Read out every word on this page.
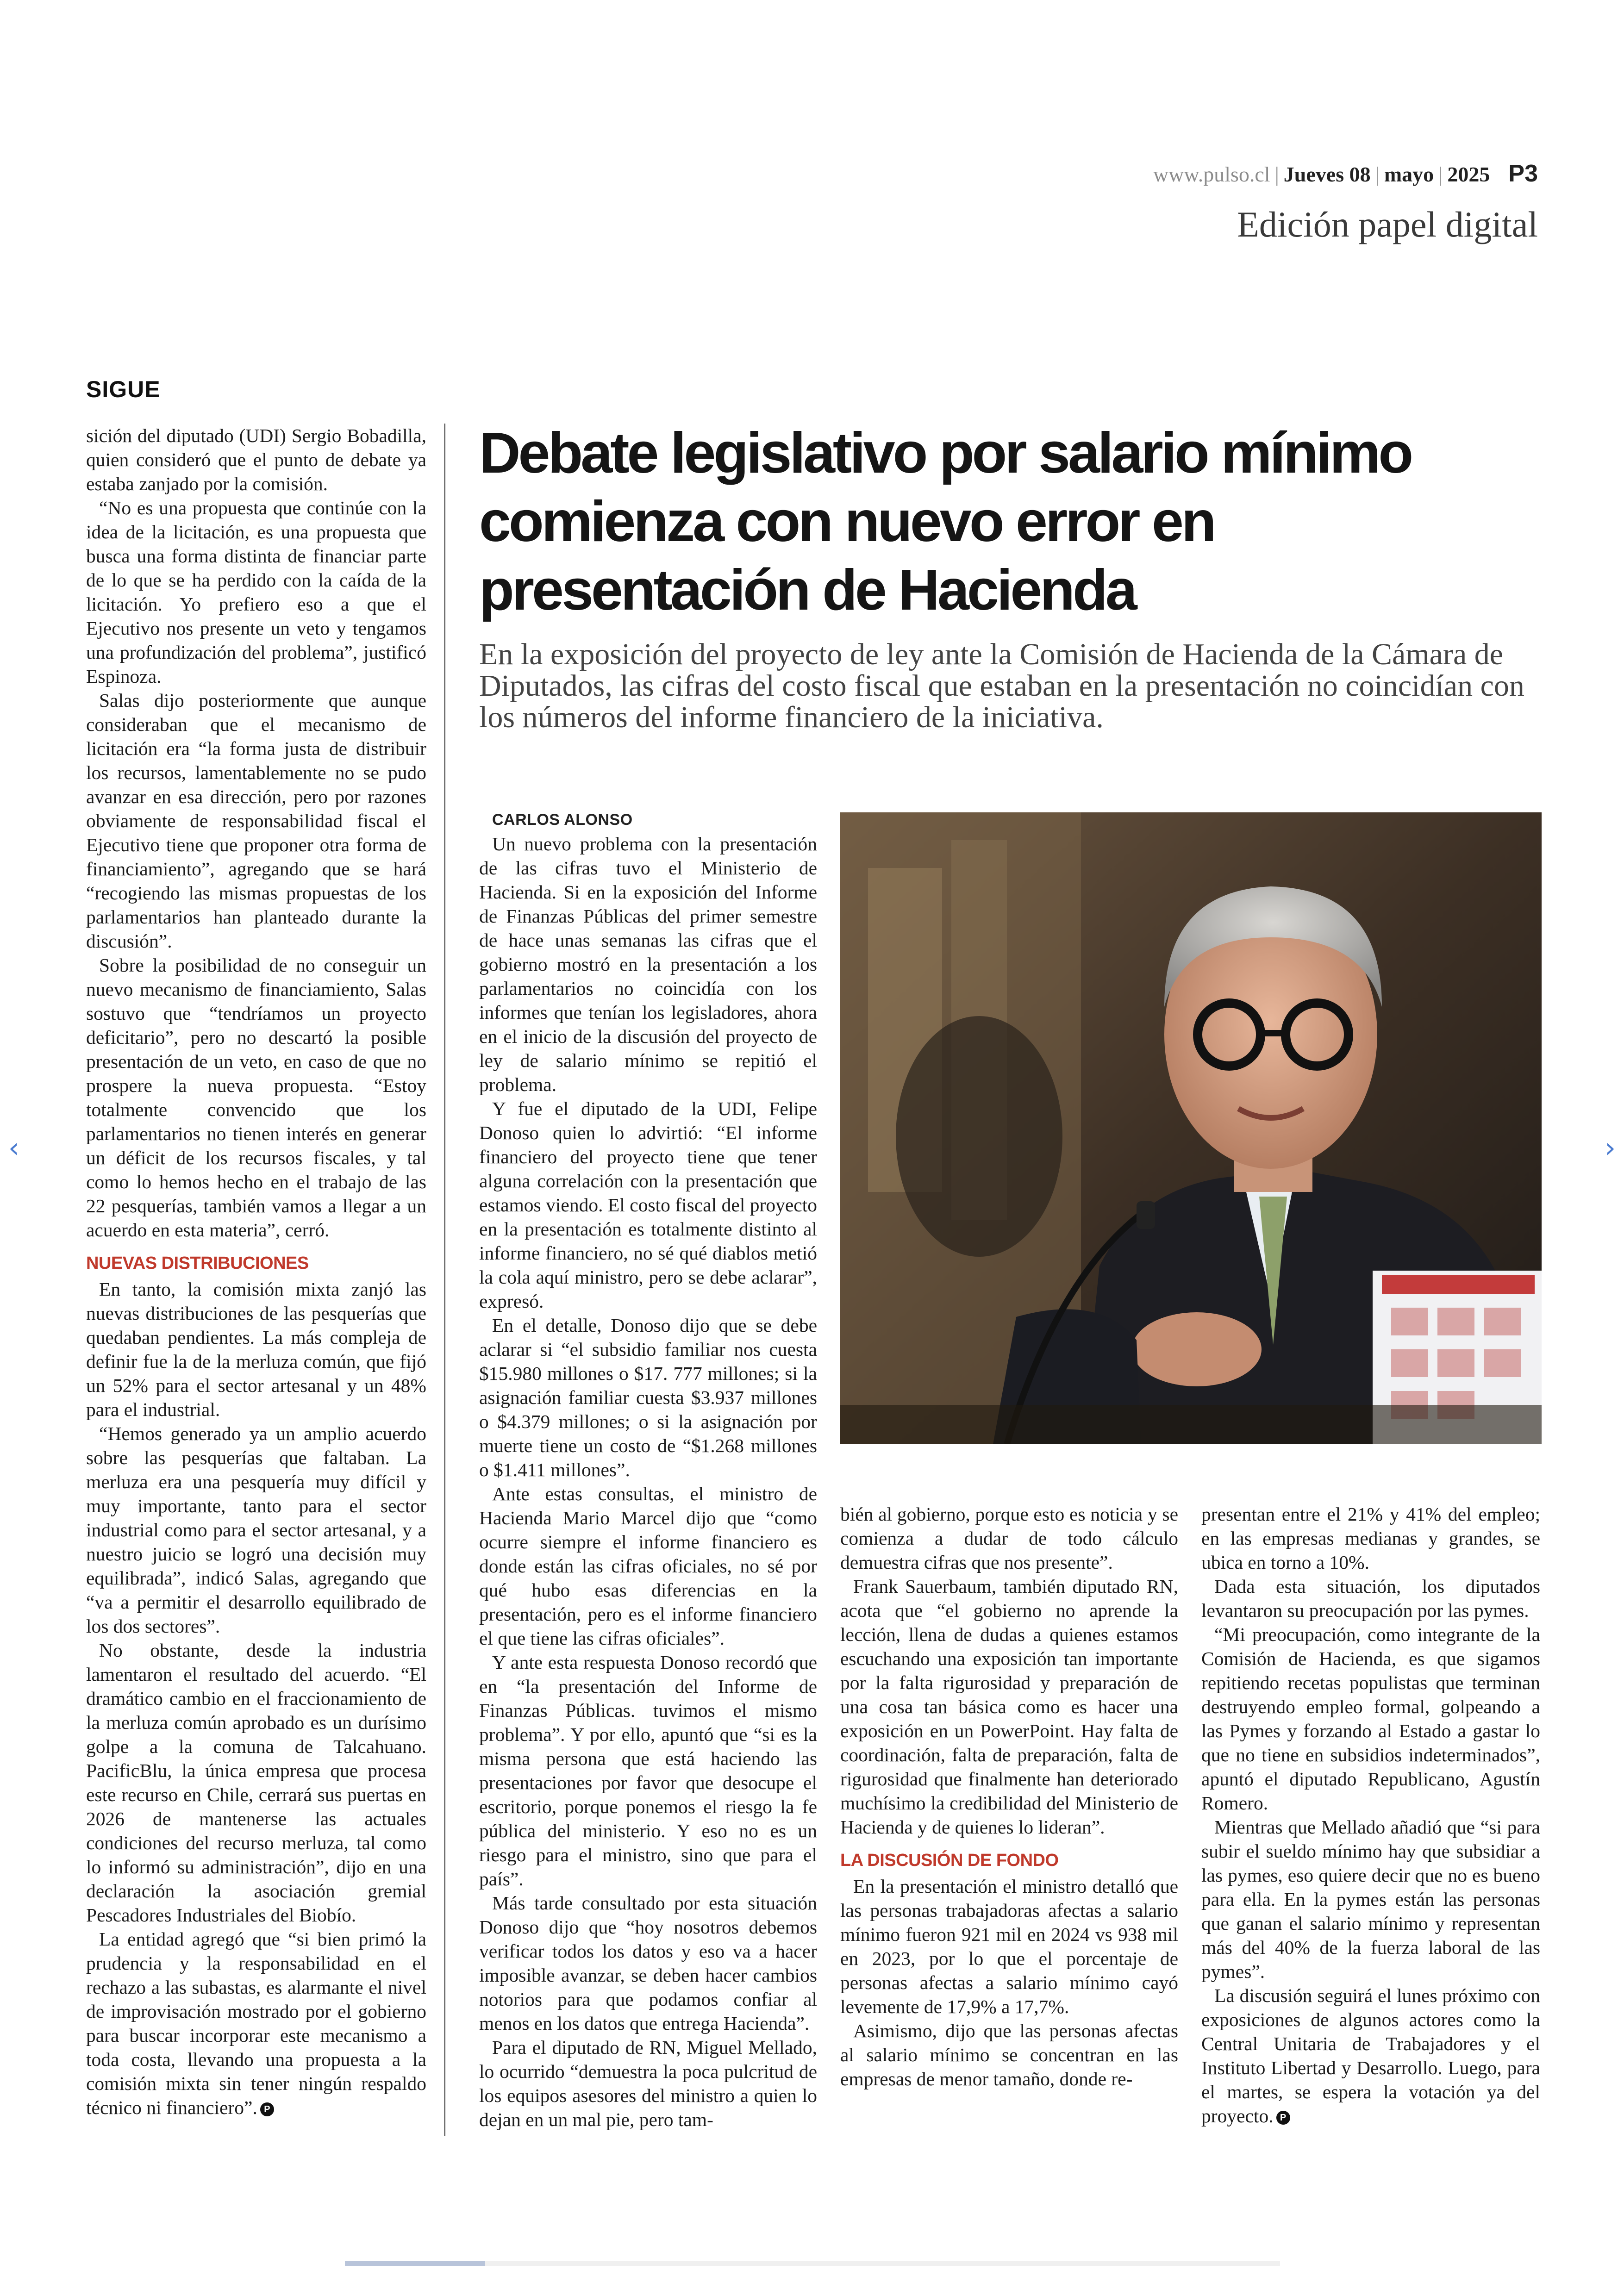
www.pulso.cl | Jueves 08 | mayo | 2025 P3
Edición papel digital
SIGUE

sición del diputado (UDI) Sergio Bobadilla, quien consideró que el punto de debate ya estaba zanjado por la comisión.

“No es una propuesta que continúe con la idea de la licitación, es una propuesta que busca una forma distinta de financiar parte de lo que se ha perdido con la caída de la licitación. Yo prefiero eso a que el Ejecutivo nos presente un veto y tengamos una profundización del problema”, justificó Espinoza.

Salas dijo posteriormente que aunque consideraban que el mecanismo de licitación era “la forma justa de distribuir los recursos, lamentablemente no se pudo avanzar en esa dirección, pero por razones obviamente de responsabilidad fiscal el Ejecutivo tiene que proponer otra forma de financiamiento”, agregando que se hará “recogiendo las mismas propuestas de los parlamentarios han planteado durante la discusión”.

Sobre la posibilidad de no conseguir un nuevo mecanismo de financiamiento, Salas sostuvo que “tendríamos un proyecto deficitario”, pero no descartó la posible presentación de un veto, en caso de que no prospere la nueva propuesta. “Estoy totalmente convencido que los parlamentarios no tienen interés en generar un déficit de los recursos fiscales, y tal como lo hemos hecho en el trabajo de las 22 pesquerías, también vamos a llegar a un acuerdo en esta materia”, cerró.

NUEVAS DISTRIBUCIONES

En tanto, la comisión mixta zanjó las nuevas distribuciones de las pesquerías que quedaban pendientes. La más compleja de definir fue la de la merluza común, que fijó un 52% para el sector artesanal y un 48% para el industrial.

“Hemos generado ya un amplio acuerdo sobre las pesquerías que faltaban. La merluza era una pesquería muy difícil y muy importante, tanto para el sector industrial como para el sector artesanal, y a nuestro juicio se logró una decisión muy equilibrada”, indicó Salas, agregando que “va a permitir el desarrollo equilibrado de los dos sectores”.

No obstante, desde la industria lamentaron el resultado del acuerdo. “El dramático cambio en el fraccionamiento de la merluza común aprobado es un durísimo golpe a la comuna de Talcahuano. PacificBlu, la única empresa que procesa este recurso en Chile, cerrará sus puertas en 2026 de mantenerse las actuales condiciones del recurso merluza, tal como lo informó su administración”, dijo en una declaración la asociación gremial Pescadores Industriales del Biobío.

La entidad agregó que “si bien primó la prudencia y la responsabilidad en el rechazo a las subastas, es alarmante el nivel de improvisación mostrado por el gobierno para buscar incorporar este mecanismo a toda costa, llevando una propuesta a la comisión mixta sin tener ningún respaldo técnico ni financiero”. P

Debate legislativo por salario mínimo comienza con nuevo error en presentación de Hacienda

En la exposición del proyecto de ley ante la Comisión de Hacienda de la Cámara de Diputados, las cifras del costo fiscal que estaban en la presentación no coincidían con los números del informe financiero de la iniciativa.

CARLOS ALONSO

Un nuevo problema con la presentación de las cifras tuvo el Ministerio de Hacienda. Si en la exposición del Informe de Finanzas Públicas del primer semestre de hace unas semanas las cifras que el gobierno mostró en la presentación a los parlamentarios no coincidía con los informes que tenían los legisladores, ahora en el inicio de la discusión del proyecto de ley de salario mínimo se repitió el problema.

Y fue el diputado de la UDI, Felipe Donoso quien lo advirtió: “El informe financiero del proyecto tiene que tener alguna correlación con la presentación que estamos viendo. El costo fiscal del proyecto en la presentación es totalmente distinto al informe financiero, no sé qué diablos metió la cola aquí ministro, pero se debe aclarar”, expresó.

En el detalle, Donoso dijo que se debe aclarar si “el subsidio familiar nos cuesta $15.980 millones o $17. 777 millones; si la asignación familiar cuesta $3.937 millones o $4.379 millones; o si la asignación por muerte tiene un costo de “$1.268 millones o $1.411 millones”.

Ante estas consultas, el ministro de Hacienda Mario Marcel dijo que “como ocurre siempre el informe financiero es donde están las cifras oficiales, no sé por qué hubo esas diferencias en la presentación, pero es el informe financiero el que tiene las cifras oficiales”.

Y ante esta respuesta Donoso recordó que en “la presentación del Informe de Finanzas Públicas. tuvimos el mismo problema”. Y por ello, apuntó que “si es la misma persona que está haciendo las presentaciones por favor que desocupe el escritorio, porque ponemos el riesgo la fe pública del ministerio. Y eso no es un riesgo para el ministro, sino que para el país”.

Más tarde consultado por esta situación Donoso dijo que “hoy nosotros debemos verificar todos los datos y eso va a hacer imposible avanzar, se deben hacer cambios notorios para que podamos confiar al menos en los datos que entrega Hacienda”.

Para el diputado de RN, Miguel Mellado, lo ocurrido “demuestra la poca pulcritud de los equipos asesores del ministro a quien lo dejan en un mal pie, pero tam-

bién al gobierno, porque esto es noticia y se comienza a dudar de todo cálculo demuestra cifras que nos presente”.

Frank Sauerbaum, también diputado RN, acota que “el gobierno no aprende la lección, llena de dudas a quienes estamos escuchando una exposición tan importante por la falta rigurosidad y preparación de una cosa tan básica como es hacer una exposición en un PowerPoint. Hay falta de coordinación, falta de preparación, falta de rigurosidad que finalmente han deteriorado muchísimo la credibilidad del Ministerio de Hacienda y de quienes lo lideran”.

LA DISCUSIÓN DE FONDO

En la presentación el ministro detalló que las personas trabajadoras afectas a salario mínimo fueron 921 mil en 2024 vs 938 mil en 2023, por lo que el porcentaje de personas afectas a salario mínimo cayó levemente de 17,9% a 17,7%.

Asimismo, dijo que las personas afectas al salario mínimo se concentran en las empresas de menor tamaño, donde re-

presentan entre el 21% y 41% del empleo; en las empresas medianas y grandes, se ubica en torno a 10%.

Dada esta situación, los diputados levantaron su preocupación por las pymes.

“Mi preocupación, como integrante de la Comisión de Hacienda, es que sigamos repitiendo recetas populistas que terminan destruyendo empleo formal, golpeando a las Pymes y forzando al Estado a gastar lo que no tiene en subsidios indeterminados”, apuntó el diputado Republicano, Agustín Romero.

Mientras que Mellado añadió que “si para subir el sueldo mínimo hay que subsidiar a las pymes, eso quiere decir que no es bueno para ella. En la pymes están las personas que ganan el salario mínimo y representan más del 40% de la fuerza laboral de las pymes”.

La discusión seguirá el lunes próximo con exposiciones de algunos actores como la Central Unitaria de Trabajadores y el Instituto Libertad y Desarrollo. Luego, para el martes, se espera la votación ya del proyecto. P

‹	›
